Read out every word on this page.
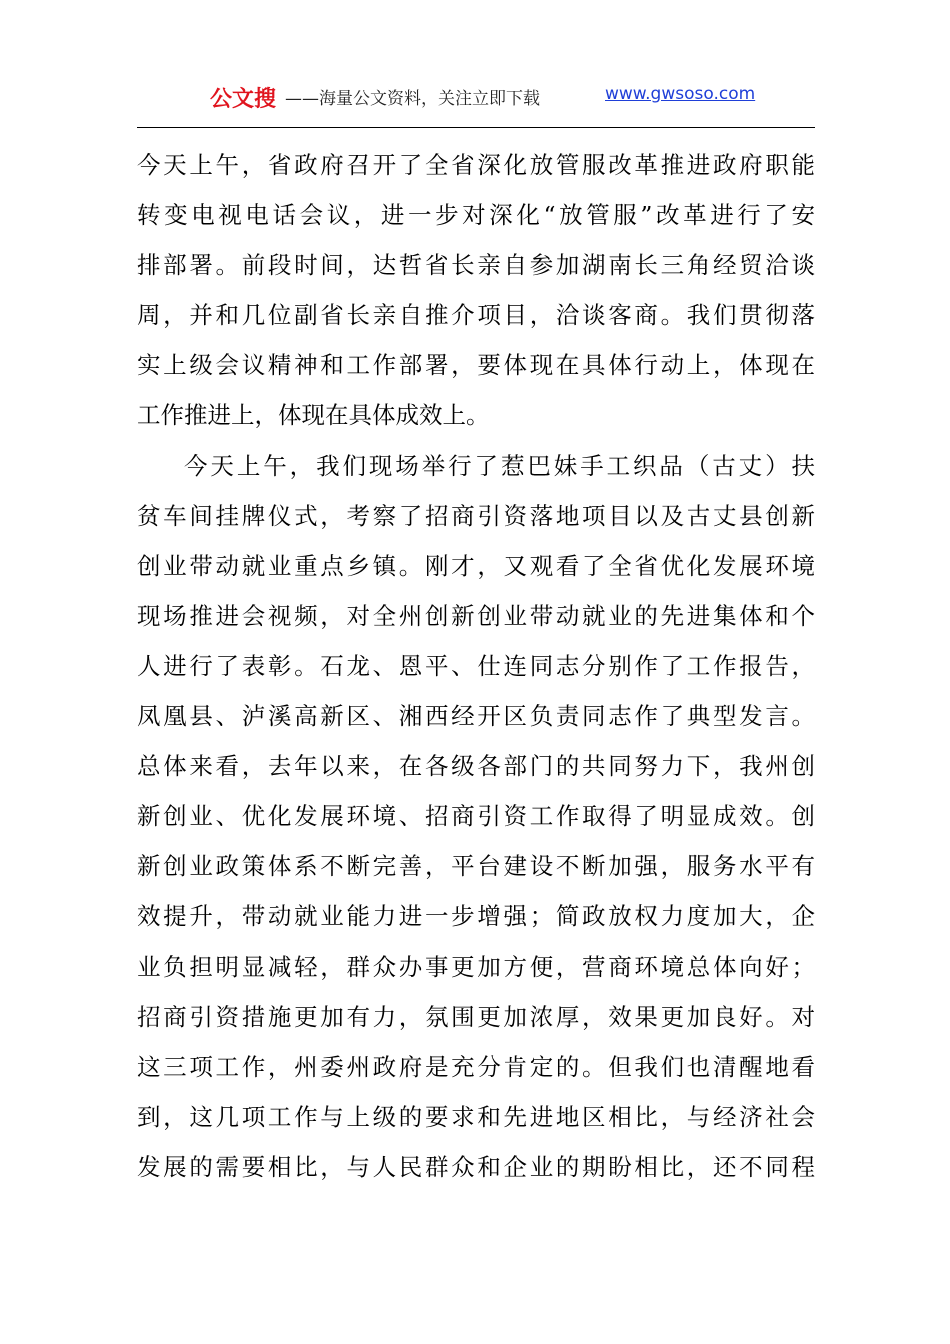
公文搜 ——海量公文资料，关注立即下载	www.gwsoso.com
今天上午，省政府召开了全省深化放管服改革推进政府职能
转变电视电话会议，进一步对深化“放管服”改革进行了安
排部署。前段时间，达哲省长亲自参加湖南长三角经贸洽谈
周，并和几位副省长亲自推介项目，洽谈客商。我们贯彻落
实上级会议精神和工作部署，要体现在具体行动上，体现在
工作推进上，体现在具体成效上。
今天上午，我们现场举行了惹巴妹手工织品（古丈）扶
贫车间挂牌仪式，考察了招商引资落地项目以及古丈县创新
创业带动就业重点乡镇。刚才，又观看了全省优化发展环境
现场推进会视频，对全州创新创业带动就业的先进集体和个
人进行了表彰。石龙、恩平、仕连同志分别作了工作报告，
凤凰县、泸溪高新区、湘西经开区负责同志作了典型发言。
总体来看，去年以来，在各级各部门的共同努力下，我州创
新创业、优化发展环境、招商引资工作取得了明显成效。创
新创业政策体系不断完善，平台建设不断加强，服务水平有
效提升，带动就业能力进一步增强；简政放权力度加大，企
业负担明显减轻，群众办事更加方便，营商环境总体向好；
招商引资措施更加有力，氛围更加浓厚，效果更加良好。对
这三项工作，州委州政府是充分肯定的。但我们也清醒地看
到，这几项工作与上级的要求和先进地区相比，与经济社会
发展的需要相比，与人民群众和企业的期盼相比，还不同程
